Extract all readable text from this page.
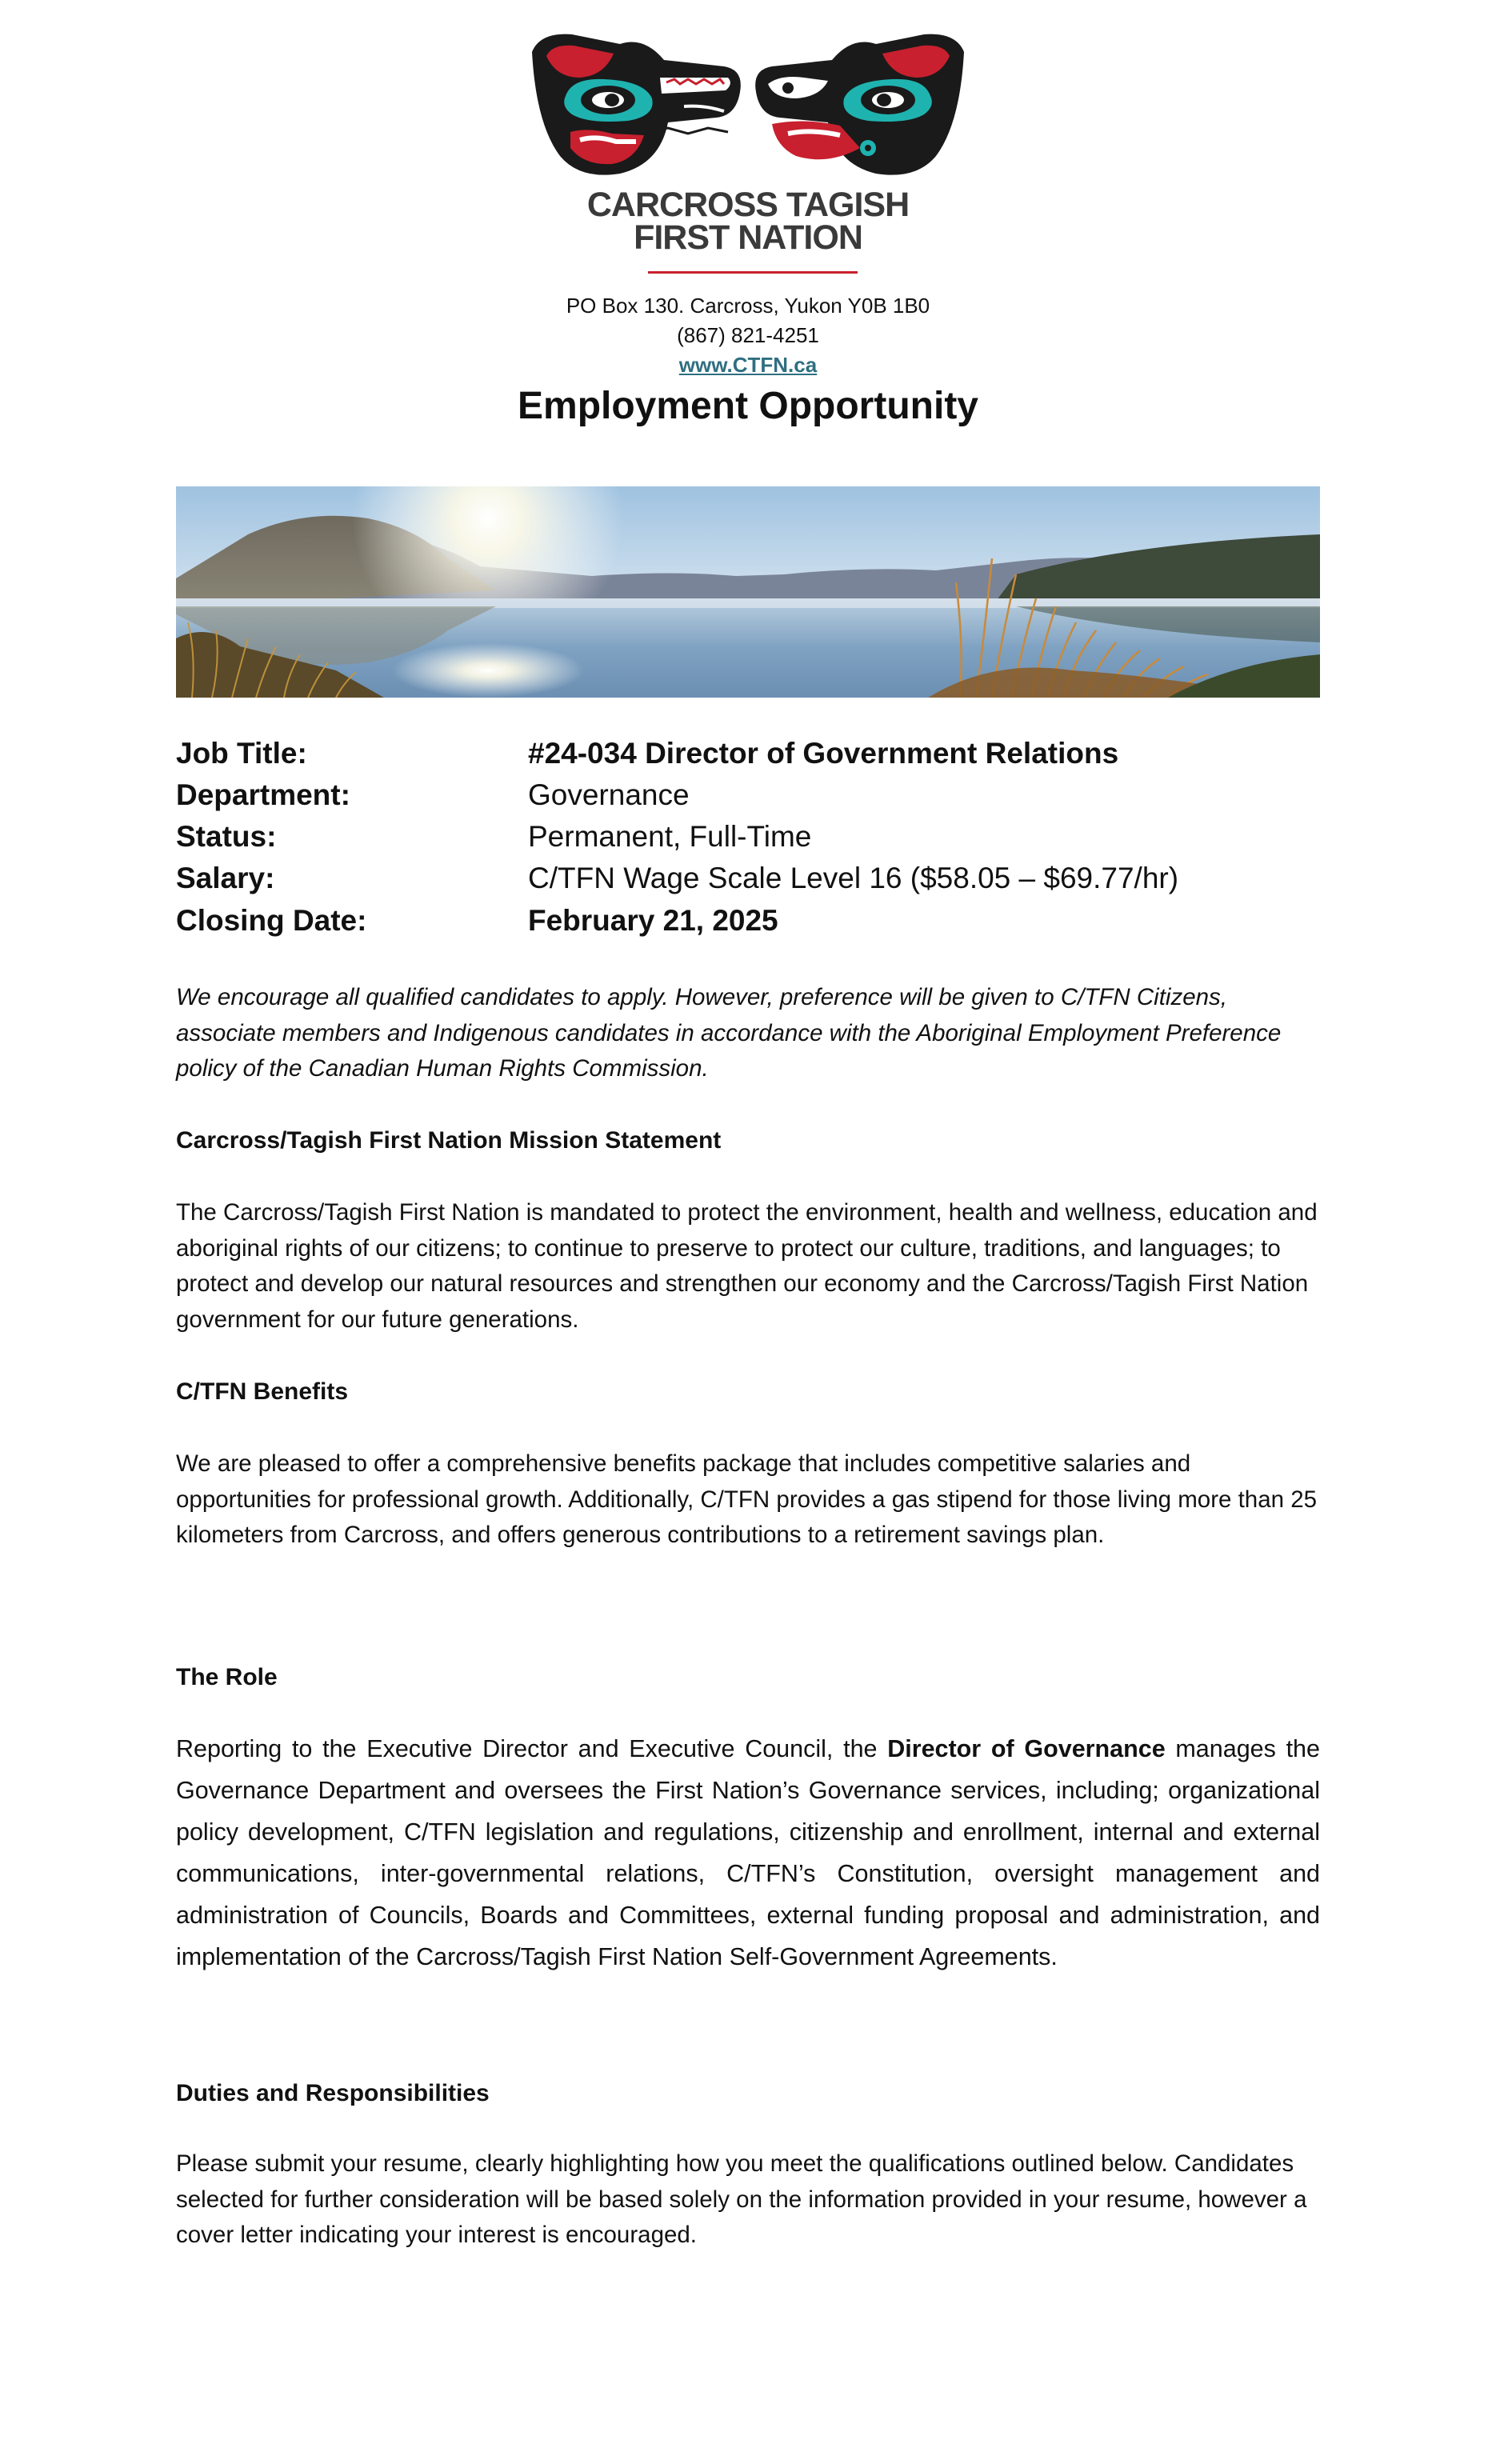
CARCROSS TAGISH
FIRST NATION
PO Box 130. Carcross, Yukon Y0B 1B0
(867) 821-4251
www.CTFN.ca
Employment Opportunity
Job Title:	#24-034 Director of Government Relations
Department:	Governance
Status:	Permanent, Full-Time
Salary:	C/TFN Wage Scale Level 16 ($58.05 – $69.77/hr)
Closing Date:	February 21, 2025
We encourage all qualified candidates to apply. However, preference will be given to C/TFN Citizens, associate members and Indigenous candidates in accordance with the Aboriginal Employment Preference policy of the Canadian Human Rights Commission.
Carcross/Tagish First Nation Mission Statement
The Carcross/Tagish First Nation is mandated to protect the environment, health and wellness, education and aboriginal rights of our citizens; to continue to preserve to protect our culture, traditions, and languages; to protect and develop our natural resources and strengthen our economy and the Carcross/Tagish First Nation government for our future generations.
C/TFN Benefits
We are pleased to offer a comprehensive benefits package that includes competitive salaries and opportunities for professional growth. Additionally, C/TFN provides a gas stipend for those living more than 25 kilometers from Carcross, and offers generous contributions to a retirement savings plan.
The Role
Reporting to the Executive Director and Executive Council, the Director of Governance manages the Governance Department and oversees the First Nation’s Governance services, including; organizational policy development, C/TFN legislation and regulations, citizenship and enrollment, internal and external communications, inter-governmental relations, C/TFN’s Constitution, oversight management and administration of Councils, Boards and Committees, external funding proposal and administration, and implementation of the Carcross/Tagish First Nation Self-Government Agreements.
Duties and Responsibilities
Please submit your resume, clearly highlighting how you meet the qualifications outlined below. Candidates selected for further consideration will be based solely on the information provided in your resume, however a cover letter indicating your interest is encouraged.
